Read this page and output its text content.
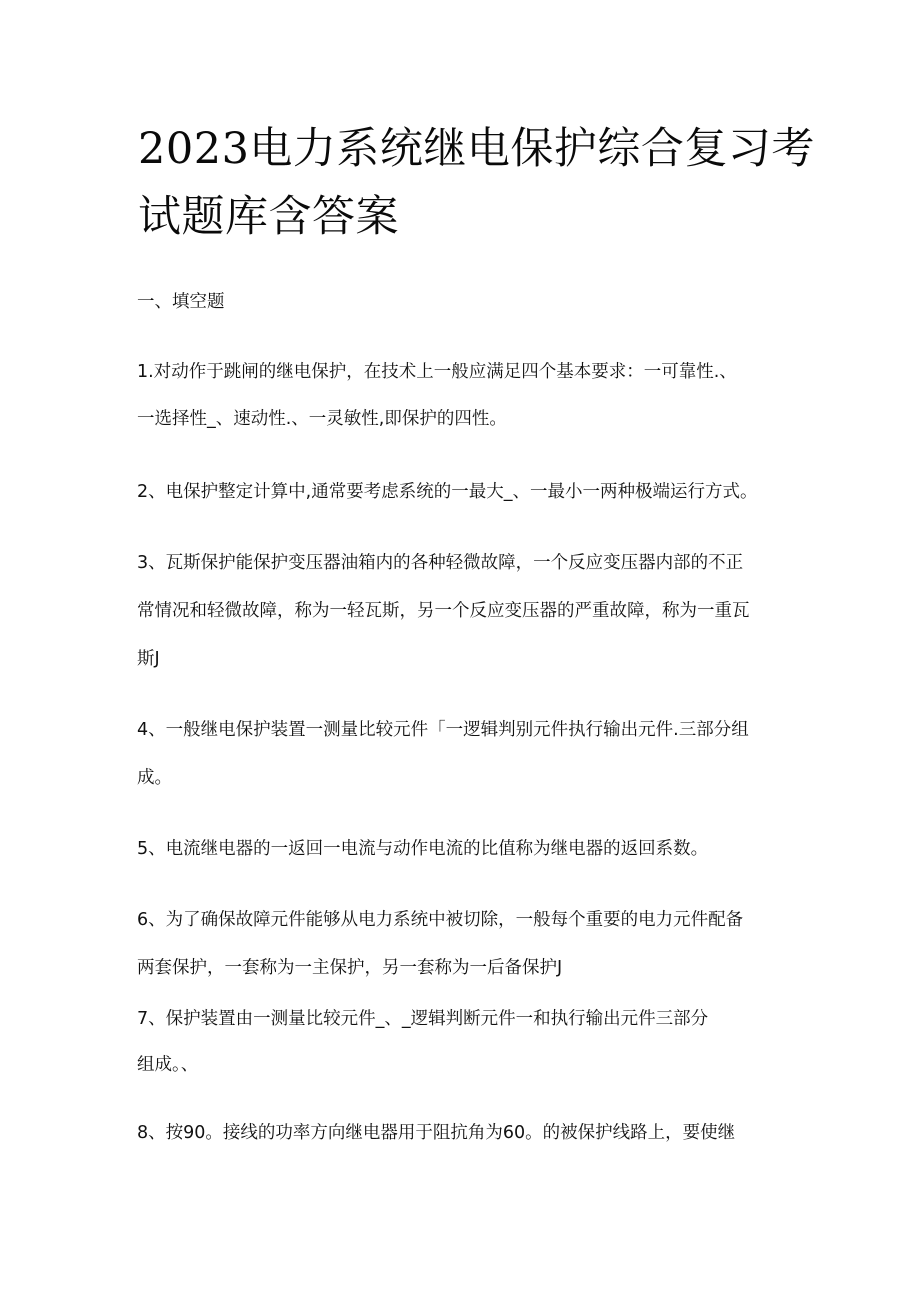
2023电力系统继电保护综合复习考
试题库含答案

一、填空题

1.对动作于跳闸的继电保护，在技术上一般应满足四个基本要求：一可靠性.、

一选择性_、速动性.、一灵敏性,即保护的四性。

2、电保护整定计算中,通常要考虑系统的一最大_、一最小一两种极端运行方式。

3、瓦斯保护能保护变压器油箱内的各种轻微故障，一个反应变压器内部的不正

常情况和轻微故障，称为一轻瓦斯，另一个反应变压器的严重故障，称为一重瓦

斯J

4、一般继电保护装置一测量比较元件「一逻辑判别元件执行输出元件.三部分组

成。

5、电流继电器的一返回一电流与动作电流的比值称为继电器的返回系数。

6、为了确保故障元件能够从电力系统中被切除，一般每个重要的电力元件配备

两套保护，一套称为一主保护，另一套称为一后备保护J

7、保护装置由一测量比较元件_、_逻辑判断元件一和执行输出元件三部分

组成。、

8、按90。接线的功率方向继电器用于阻抗角为60。的被保护线路上，要使继
